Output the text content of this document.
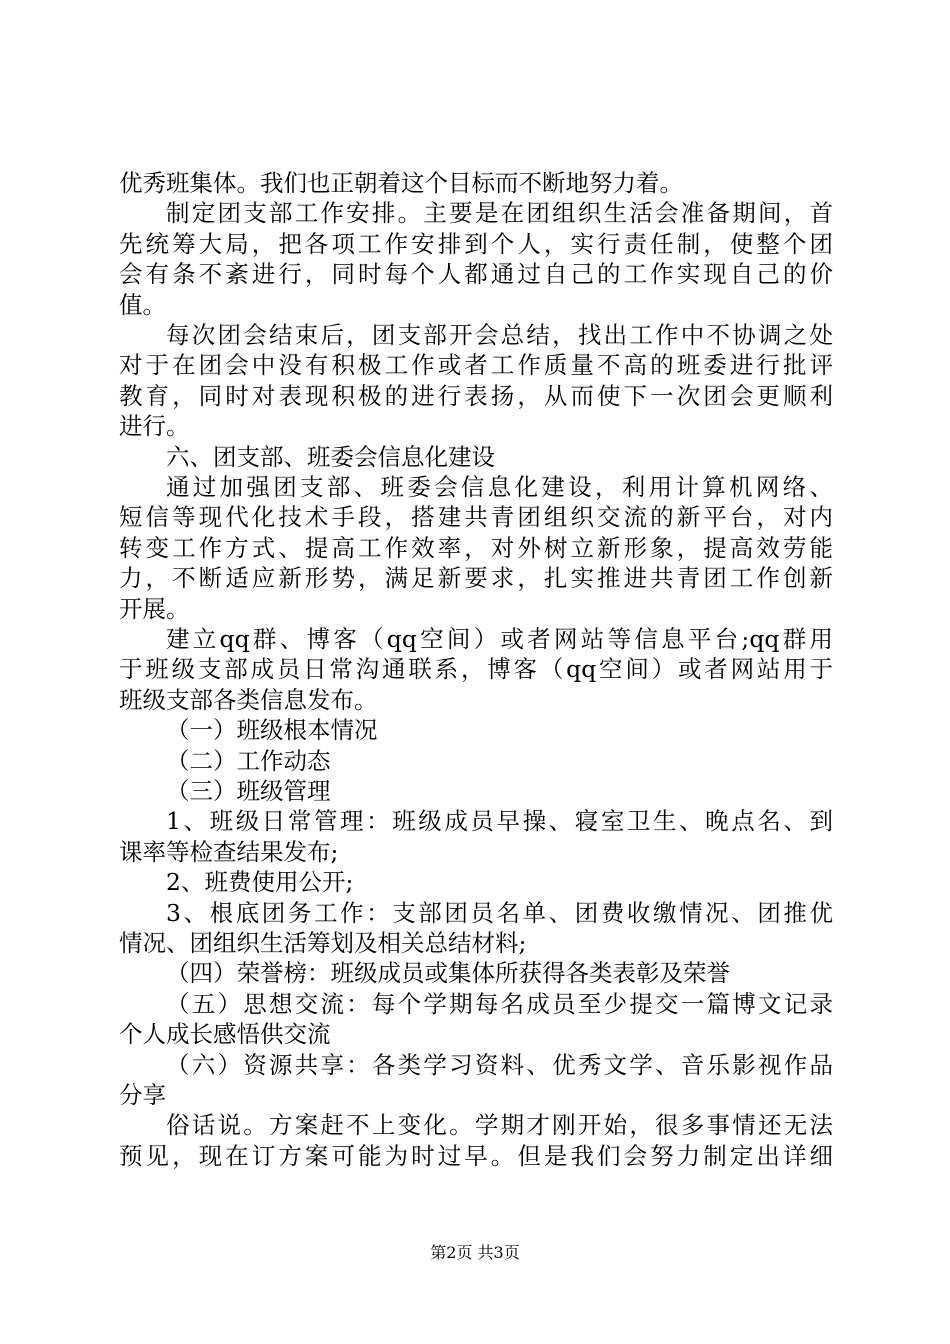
优秀班集体。我们也正朝着这个目标而不断地努力着。
制定团支部工作安排。主要是在团组织生活会准备期间，首
先统筹大局，把各项工作安排到个人，实行责任制，使整个团
会有条不紊进行，同时每个人都通过自己的工作实现自己的价
值。
每次团会结束后，团支部开会总结，找出工作中不协调之处
对于在团会中没有积极工作或者工作质量不高的班委进行批评
教育，同时对表现积极的进行表扬，从而使下一次团会更顺利
进行。
六、团支部、班委会信息化建设
通过加强团支部、班委会信息化建设，利用计算机网络、
短信等现代化技术手段，搭建共青团组织交流的新平台，对内
转变工作方式、提高工作效率，对外树立新形象，提高效劳能
力，不断适应新形势，满足新要求，扎实推进共青团工作创新
开展。
建立qq群、博客（qq空间）或者网站等信息平台;qq群用
于班级支部成员日常沟通联系，博客（qq空间）或者网站用于
班级支部各类信息发布。
（一）班级根本情况
（二）工作动态
（三）班级管理
1、班级日常管理：班级成员早操、寝室卫生、晚点名、到
课率等检查结果发布;
2、班费使用公开;
3、根底团务工作：支部团员名单、团费收缴情况、团推优
情况、团组织生活筹划及相关总结材料;
（四）荣誉榜：班级成员或集体所获得各类表彰及荣誉
（五）思想交流：每个学期每名成员至少提交一篇博文记录
个人成长感悟供交流
（六）资源共享：各类学习资料、优秀文学、音乐影视作品
分享
俗话说。方案赶不上变化。学期才刚开始，很多事情还无法
预见，现在订方案可能为时过早。但是我们会努力制定出详细
第2页 共3页
